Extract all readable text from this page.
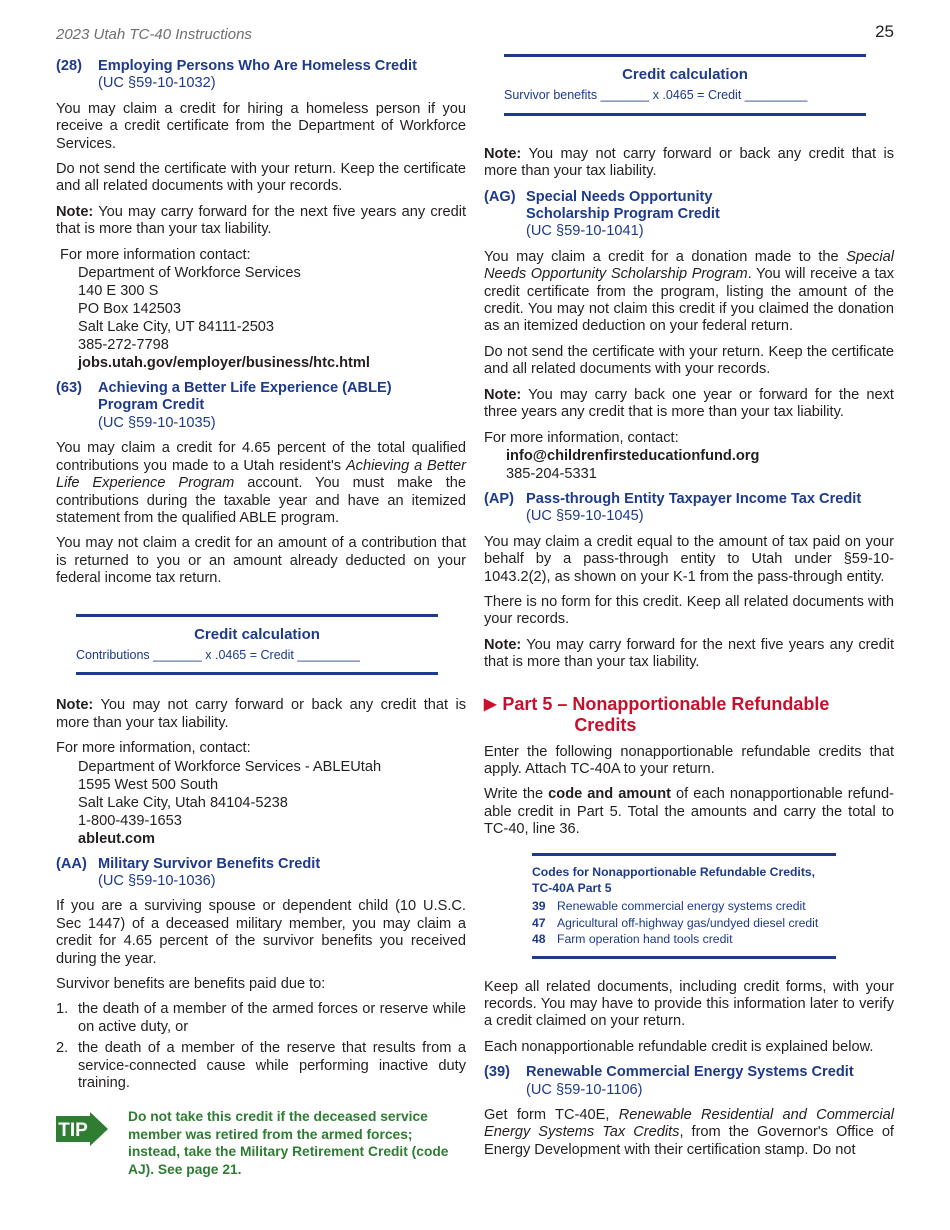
2023 Utah TC-40 Instructions	25
(28)	Employing Persons Who Are Homeless Credit
(UC §59-10-1032)

You may claim a credit for hiring a homeless person if you receive a credit certificate from the Department of Workforce Services.

Do not send the certificate with your return. Keep the certificate and all related documents with your records.

Note: You may carry forward for the next five years any credit that is more than your tax liability.

For more information contact:
Department of Workforce Services
140 E 300 S
PO Box 142503
Salt Lake City, UT 84111-2503
385-272-7798
jobs.utah.gov/employer/business/htc.html
(63)	Achieving a Better Life Experience (ABLE)
Program Credit
(UC §59-10-1035)

You may claim a credit for 4.65 percent of the total qualified contributions you made to a Utah resident's Achieving a Better Life Experience Program account. You must make the contributions during the taxable year and have an itemized statement from the qualified ABLE program.

You may not claim a credit for an amount of a contribution that is returned to you or an amount already deducted on your federal income tax return.

Credit calculation
Contributions _______ x .0465 = Credit _________

Note: You may not carry forward or back any credit that is more than your tax liability.

For more information, contact:
Department of Workforce Services - ABLEUtah
1595 West 500 South
Salt Lake City, Utah 84104-5238
1-800-439-1653
ableut.com
(AA) Military Survivor Benefits Credit
(UC §59-10-1036)

If you are a surviving spouse or dependent child (10 U.S.C. Sec 1447) of a deceased military member, you may claim a credit for 4.65 percent of the survivor benefits you received during the year.

Survivor benefits are benefits paid due to:

1. the death of a member of the armed forces or reserve while on active duty, or
2. the death of a member of the reserve that results from a service-connected cause while performing inactive duty training.
TIP
Do not take this credit if the deceased service member was retired from the armed forces; instead, take the Military Retirement Credit (code AJ). See page 21.
Credit calculation
Survivor benefits _______ x .0465 = Credit _________

Note: You may not carry forward or back any credit that is more than your tax liability.

(AG) Special Needs Opportunity
Scholarship Program Credit
(UC §59-10-1041)

You may claim a credit for a donation made to the Special Needs Opportunity Scholarship Program. You will receive a tax credit certificate from the program, listing the amount of the credit. You may not claim this credit if you claimed the donation as an itemized deduction on your federal return.

Do not send the certificate with your return. Keep the certificate and all related documents with your records.

Note: You may carry back one year or forward for the next three years any credit that is more than your tax liability.

For more information, contact:
info@childrenfirsteducationfund.org
385-204-5331
(AP) Pass-through Entity Taxpayer Income Tax Credit
(UC §59-10-1045)

You may claim a credit equal to the amount of tax paid on your behalf by a pass-through entity to Utah under §59-10-1043.2(2), as shown on your K-1 from the pass-through entity.

There is no form for this credit. Keep all related documents with your records.

Note: You may carry forward for the next five years any credit that is more than your tax liability.

▶ Part 5 – Nonapportionable Refundable
Credits

Enter the following nonapportionable refundable credits that apply. Attach TC-40A to your return.

Write the code and amount of each nonapportionable refund-able credit in Part 5. Total the amounts and carry the total to TC-40, line 36.

Codes for Nonapportionable Refundable Credits,
TC-40A Part 5
39 Renewable commercial energy systems credit
47 Agricultural off-highway gas/undyed diesel credit
48 Farm operation hand tools credit

Keep all related documents, including credit forms, with your records. You may have to provide this information later to verify a credit claimed on your return.

Each nonapportionable refundable credit is explained below.

(39)	Renewable Commercial Energy Systems Credit
(UC §59-10-1106)

Get form TC-40E, Renewable Residential and Commercial Energy Systems Tax Credits, from the Governor's Office of Energy Development with their certification stamp. Do not
